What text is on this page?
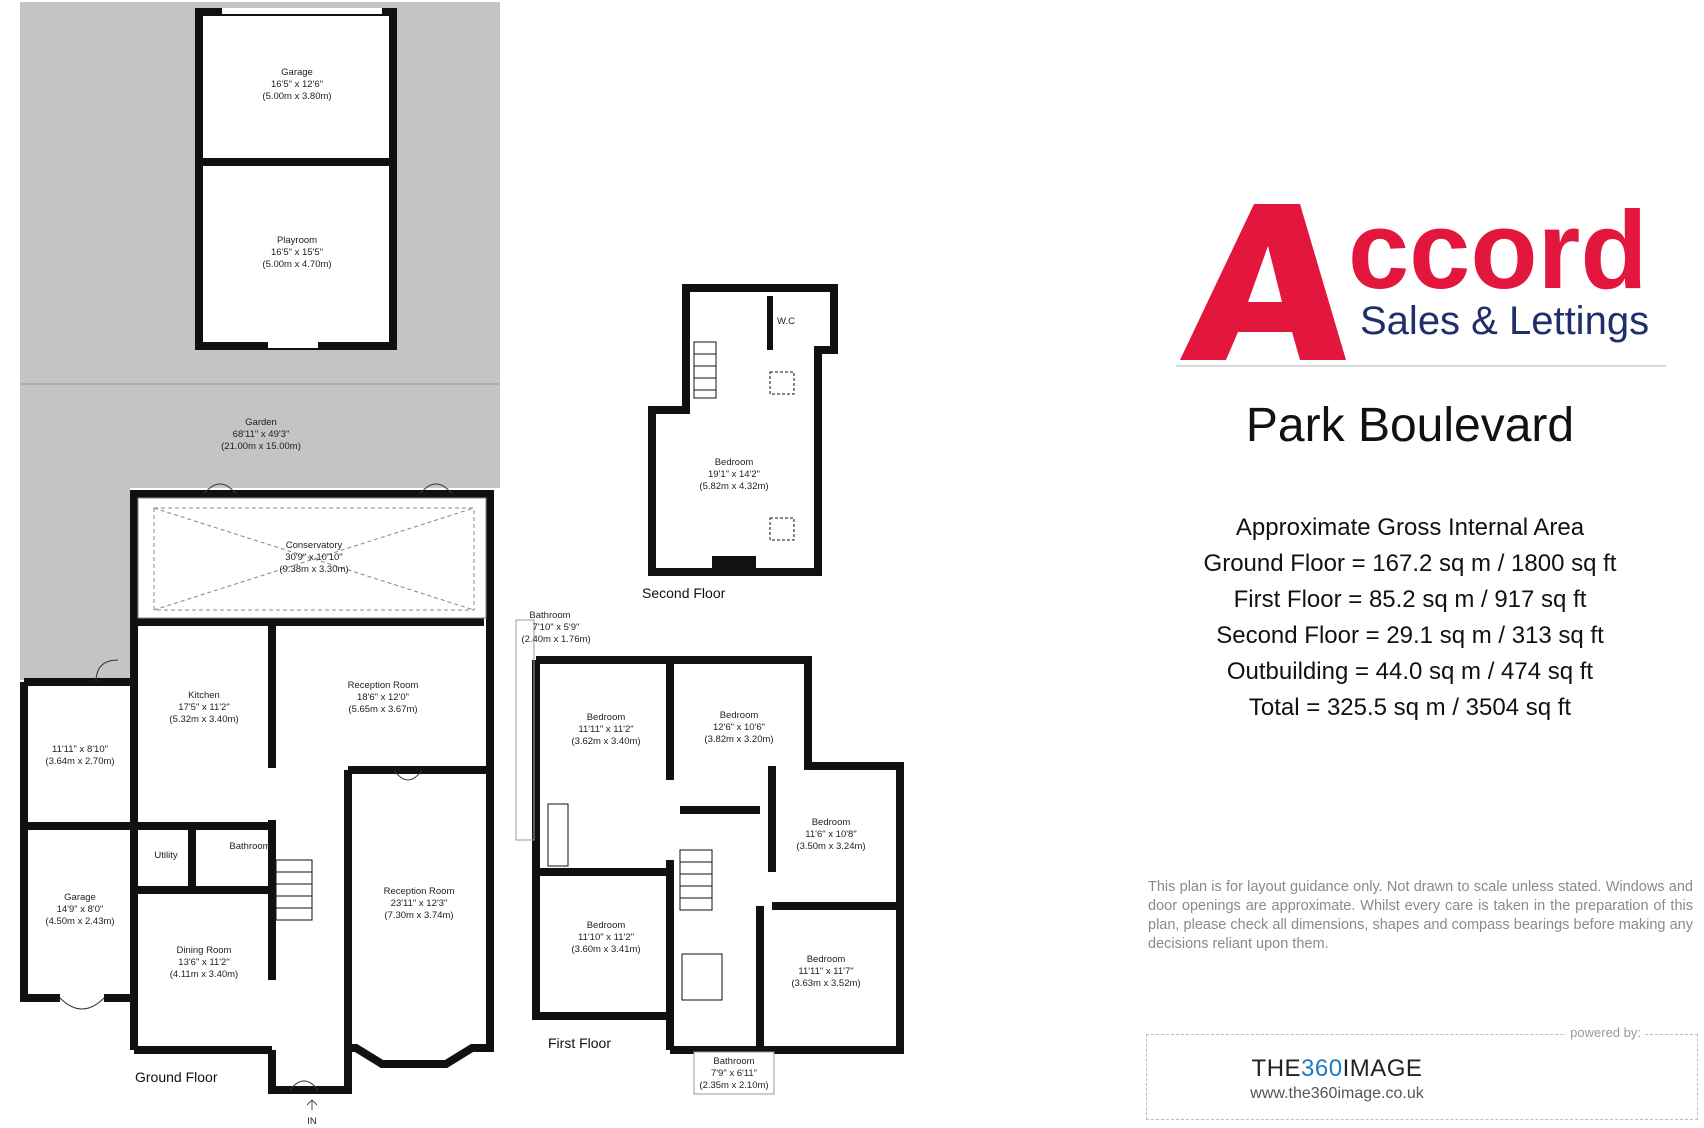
Garage
16'5" x 12'6"
(5.00m x 3.80m)
Playroom
16'5" x 15'5"
(5.00m x 4.70m)
Garden
68'11" x 49'3"
(21.00m x 15.00m)
Conservatory
30'9" x 10'10"
(9.38m x 3.30m)
Kitchen
17'5" x 11'2"
(5.32m x 3.40m)
Reception Room
18'6" x 12'0"
(5.65m x 3.67m)
11'11" x 8'10"
(3.64m x 2.70m)
Utility
Bathroom
Garage
14'9" x 8'0"
(4.50m x 2.43m)
Dining Room
13'6" x 11'2"
(4.11m x 3.40m)
Reception Room
23'11" x 12'3"
(7.30m x 3.74m)
Bedroom
19'1" x 14'2"
(5.82m x 4.32m)
W.C
Bathroom
7'10" x 5'9"
(2.40m x 1.76m)
Bedroom
11'11" x 11'2"
(3.62m x 3.40m)
Bedroom
12'6" x 10'6"
(3.82m x 3.20m)
Bedroom
11'6" x 10'8"
(3.50m x 3.24m)
Bedroom
11'10" x 11'2"
(3.60m x 3.41m)
Bedroom
11'11" x 11'7"
(3.63m x 3.52m)
Bathroom
7'9" x 6'11"
(2.35m x 2.10m)
Ground Floor
First Floor
Second Floor
IN
ccord
Sales & Lettings
Park Boulevard
Approximate Gross Internal Area
Ground Floor = 167.2 sq m / 1800 sq ft
First Floor = 85.2 sq m / 917 sq ft
Second Floor = 29.1 sq m / 313 sq ft
Outbuilding = 44.0 sq m / 474 sq ft
Total = 325.5 sq m / 3504 sq ft
This plan is for layout guidance only. Not drawn to scale unless stated. Windows and door openings are approximate. Whilst every care is taken in the preparation of this plan, please check all dimensions, shapes and compass bearings before making any decisions reliant upon them.
powered by:
THE360IMAGE
www.the360image.co.uk
